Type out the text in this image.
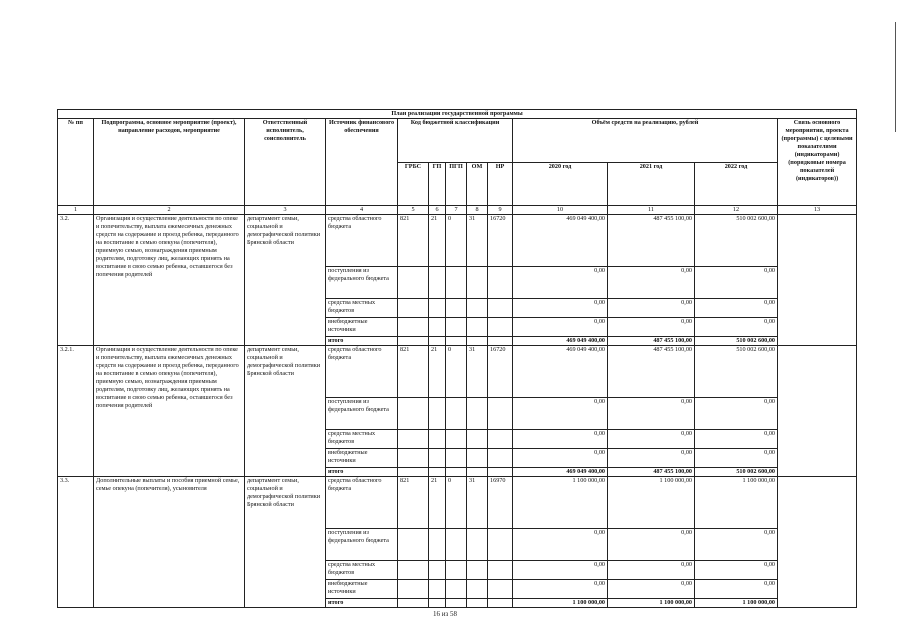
План реализации государственной программы												
№ пп	Подпрограмма, основное мероприятие (проект), направление расходов, мероприятие	Ответственный исполнитель, соисполнитель	Источник финансового обеспечения	Код бюджетной классификации					Объём средств на реализацию, рублей			Связь основного мероприятия, проекта (программы) с целевыми показателями (индикаторами) (порядковые номера показателей (индикаторов))
				ГРБС	ГП	ПГП	ОМ	НР	2020 год	2021 год	2022 год	
1	2	3	4	5	6	7	8	9	10	11	12	13
3.2.	Организация и осуществление деятельности по опеке и попечительству, выплата ежемесячных денежных средств на содержание и проезд ребенка, переданного на воспитание в семью опекуна (попечителя), приемную семью, вознаграждения приемным родителям, подготовку лиц, желающих принять на воспитание в свою семью ребенка, оставшегося без попечения родителей	департамент семьи, социальной и демографической политики Брянской области	средства областного бюджета	821	21	0	31	16720	469 049 400,00	487 455 100,00	510 002 600,00	
			поступления из федерального бюджета						0,00	0,00	0,00	
			средства местных бюджетов						0,00	0,00	0,00	
			внебюджетные источники						0,00	0,00	0,00	
			итого						469 049 400,00	487 455 100,00	510 002 600,00	
3.2.1.	Организация и осуществление деятельности по опеке и попечительству, выплата ежемесячных денежных средств на содержание и проезд ребенка, переданного на воспитание в семью опекуна (попечителя), приемную семью, вознаграждения приемным родителям, подготовку лиц, желающих принять на воспитание в свою семью ребенка, оставшегося без попечения родителей	департамент семьи, социальной и демографической политики Брянской области	средства областного бюджета	821	21	0	31	16720	469 049 400,00	487 455 100,00	510 002 600,00	
			поступления из федерального бюджета						0,00	0,00	0,00	
			средства местных бюджетов						0,00	0,00	0,00	
			внебюджетные источники						0,00	0,00	0,00	
			итого						469 049 400,00	487 455 100,00	510 002 600,00	
3.3.	Дополнительные выплаты и пособия приемной семье, семье опекуна (попечителя), усыновителя	департамент семьи, социальной и демографической политики Брянской области	средства областного бюджета	821	21	0	31	16970	1 100 000,00	1 100 000,00	1 100 000,00	
			поступления из федерального бюджета						0,00	0,00	0,00	
			средства местных бюджетов						0,00	0,00	0,00	
			внебюджетные источники						0,00	0,00	0,00	
			итого						1 100 000,00	1 100 000,00	1 100 000,00	
16 из 58
